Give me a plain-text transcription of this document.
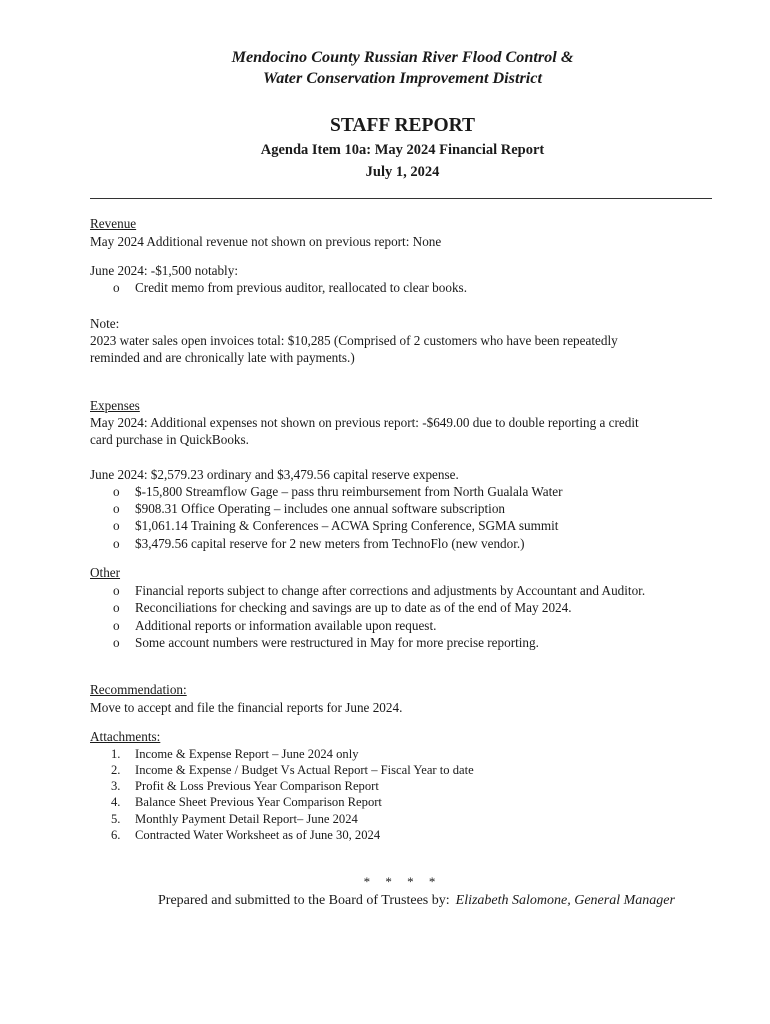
Mendocino County Russian River Flood Control &
Water Conservation Improvement District
STAFF REPORT
Agenda Item 10a: May 2024 Financial Report
July 1, 2024
Revenue
May 2024 Additional revenue not shown on previous report: None
June 2024: -$1,500 notably:
o Credit memo from previous auditor, reallocated to clear books.
Note:
2023 water sales open invoices total: $10,285 (Comprised of 2 customers who have been repeatedly
reminded and are chronically late with payments.)
Expenses
May 2024: Additional expenses not shown on previous report: -$649.00 due to double reporting a credit
card purchase in QuickBooks.
June 2024: $2,579.23 ordinary and $3,479.56 capital reserve expense.
o $-15,800 Streamflow Gage – pass thru reimbursement from North Gualala Water
o $908.31 Office Operating – includes one annual software subscription
o $1,061.14 Training & Conferences – ACWA Spring Conference, SGMA summit
o $3,479.56 capital reserve for 2 new meters from TechnoFlo (new vendor.)
Other
o Financial reports subject to change after corrections and adjustments by Accountant and Auditor.
o Reconciliations for checking and savings are up to date as of the end of May 2024.
o Additional reports or information available upon request.
o Some account numbers were restructured in May for more precise reporting.
Recommendation:
Move to accept and file the financial reports for June 2024.
Attachments:
1. Income & Expense Report – June 2024 only
2. Income & Expense / Budget Vs Actual Report – Fiscal Year to date
3. Profit & Loss Previous Year Comparison Report
4. Balance Sheet Previous Year Comparison Report
5. Monthly Payment Detail Report– June 2024
6. Contracted Water Worksheet as of June 30, 2024
* * * *
Prepared and submitted to the Board of Trustees by: Elizabeth Salomone, General Manager
